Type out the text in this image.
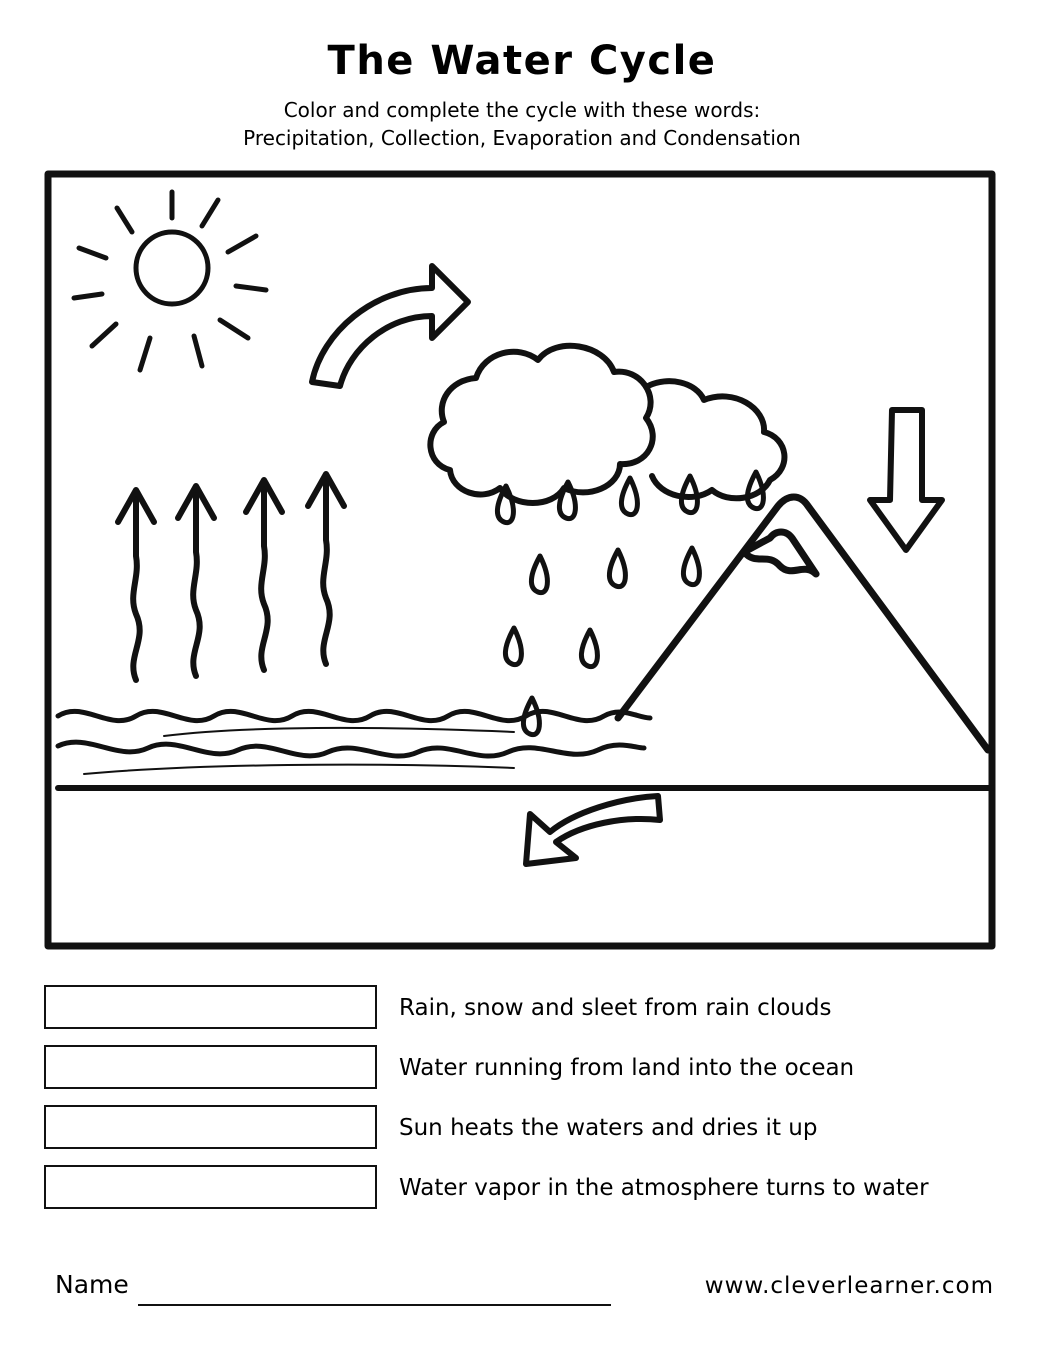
The Water Cycle
Color and complete the cycle with these words:
Precipitation, Collection, Evaporation and Condensation
Rain, snow and sleet from rain clouds
Water running from land into the ocean
Sun heats the waters and dries it up
Water vapor in the atmosphere turns to water
Name	www.cleverlearner.com
